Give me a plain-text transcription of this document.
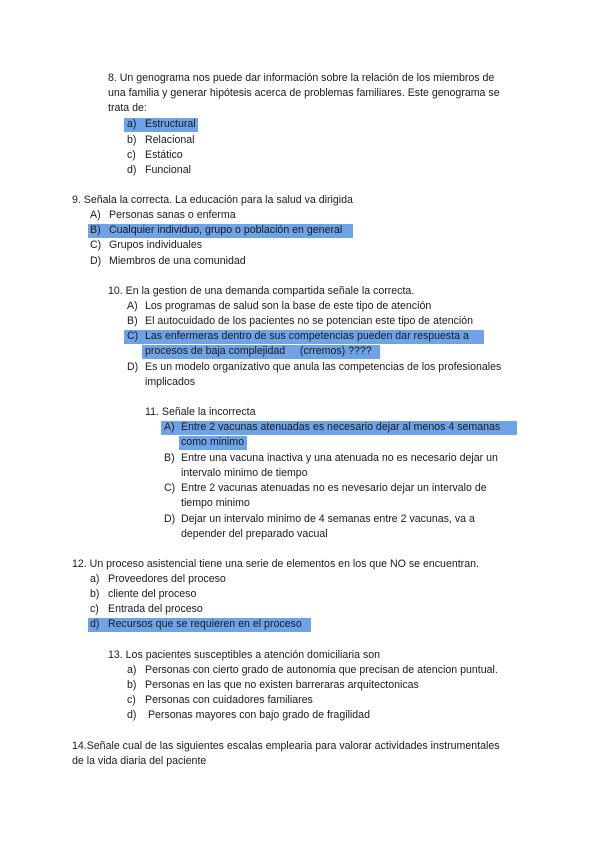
8. Un genograma nos puede dar información sobre la relación de los miembros de
una familia y generar hipótesis acerca de problemas familiares. Este genograma se
trata de:
a) Estructural
b) Relacional
c) Estático
d) Funcional
9. Señala la correcta. La educación para la salud va dirigida
A) Personas sanas o enferma
B) Cualquier individuo, grupo o población en general
C) Grupos individuales
D) Miembros de una comunidad
10. En la gestion de una demanda compartida señale la correcta.
A) Los programas de salud son la base de este tipo de atención
B) El autocuidado de los pacientes no se potencian este tipo de atención
C) Las enfermeras dentro de sus competencias pueden dar respuesta a
procesos de baja complejidad     (crremos) ????
D) Es un modelo organizativo que anula las competencias de los profesionales
implicados
11. Señale la incorrecta
A) Entre 2 vacunas atenuadas es necesario dejar al menos 4 semanas
como minimo
B) Entre una vacuna inactiva y una atenuada no es necesario dejar un
intervalo minimo de tiempo
C) Entre 2 vacunas atenuadas no es nevesario dejar un intervalo de
tiempo minimo
D) Dejar un intervalo minimo de 4 semanas entre 2 vacunas, va a
depender del preparado vacual
12. Un proceso asistencial tiene una serie de elementos en los que NO se encuentran.
a) Proveedores del proceso
b) cliente del proceso
c) Entrada del proceso
d) Recursos que se requieren en el proceso
13. Los pacientes susceptibles a atención domiciliaria son
a) Personas con cierto grado de autonomia que precisan de atencion puntual.
b) Personas en las que no existen barreraras arquitectonicas
c) Personas con cuidadores familiares
d) Personas mayores con bajo grado de fragilidad
14.Señale cual de las siguientes escalas emplearia para valorar actividades instrumentales
de la vida diaria del paciente
